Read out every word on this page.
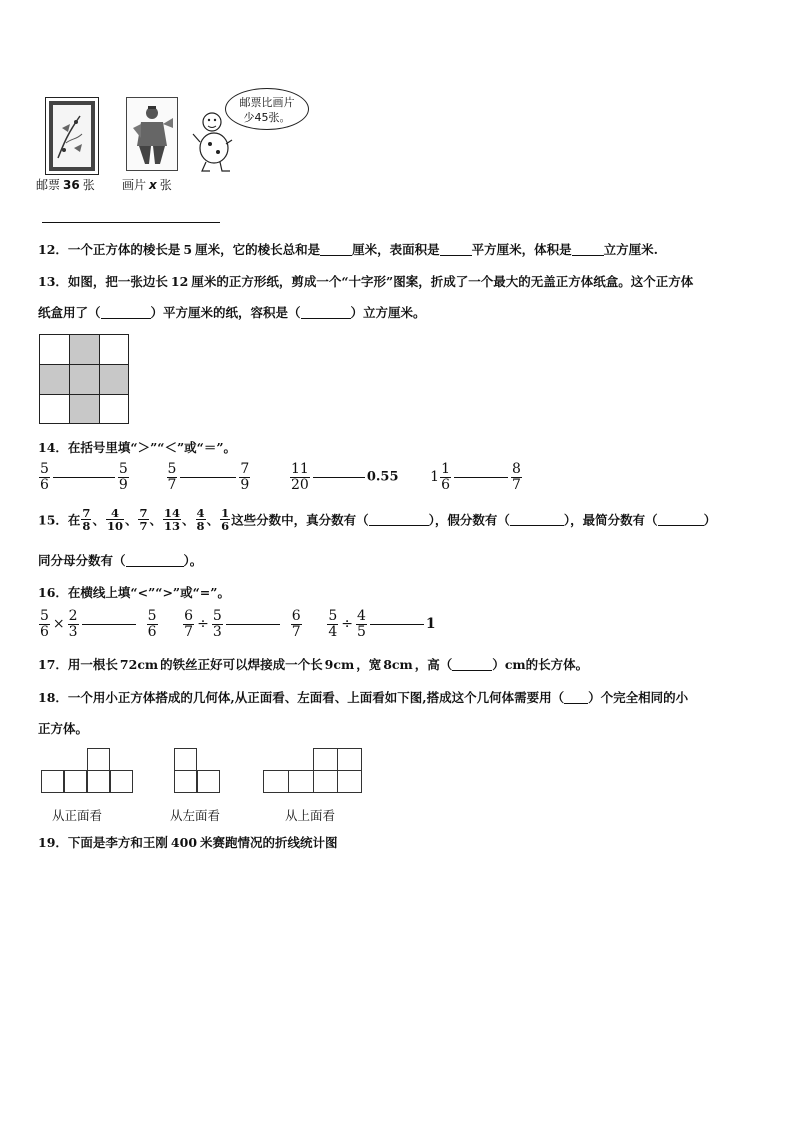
邮票 36 张 画片 x 张
邮票比画片
少45张。
12．一个正方体的棱长是 5 厘米，它的棱长总和是	厘米，表面积是	平方厘米，体积是	立方厘米.
13．如图，把一张边长 12 厘米的正方形纸，剪成一个“十字形”图案，折成了一个最大的无盖正方体纸盒。这个正方体
纸盒用了（	）平方厘米的纸，容积是（	）立方厘米。
14．在括号里填“＞”“＜”或“＝”。
$\frac{5}{6}$	$\frac{5}{9}$
	$\frac{5}{7}$	$\frac{7}{9}$
	$\frac{11}{20}$	0.55 $1 \frac{1}{6}$	$\frac{8}{7}$
15．在 $\frac{7}{8}$ 、 $\frac{4}{10}$ 、 $\frac{7}{7}$ 、 $\frac{14}{13}$ 、 $\frac{4}{8}$ 、 $\frac{1}{6}$ 这些分数中，真分数有（	），假分数有（	），最简分数有（	）
同分母分数有（	）。
16．在横线上填“<”“>”或“=”。
$\frac{5}{6} \times \frac{2}{3}$	$\frac{5}{6}$
$\frac{6}{7} \div \frac{5}{3}$	$\frac{6}{7}$
$\frac{5}{4} \div \frac{4}{5}$	1
17．用一根长 72cm 的铁丝正好可以焊接成一个长 9cm ，宽 8cm ，高（	）cm的长方体。
18．一个用小正方体搭成的几何体,从正面看、左面看、上面看如下图,搭成这个几何体需要用（ ）个完全相同的小
正方体。
从正面看	从左面看	从上面看
19．下面是李方和王刚 400 米赛跑情况的折线统计图
